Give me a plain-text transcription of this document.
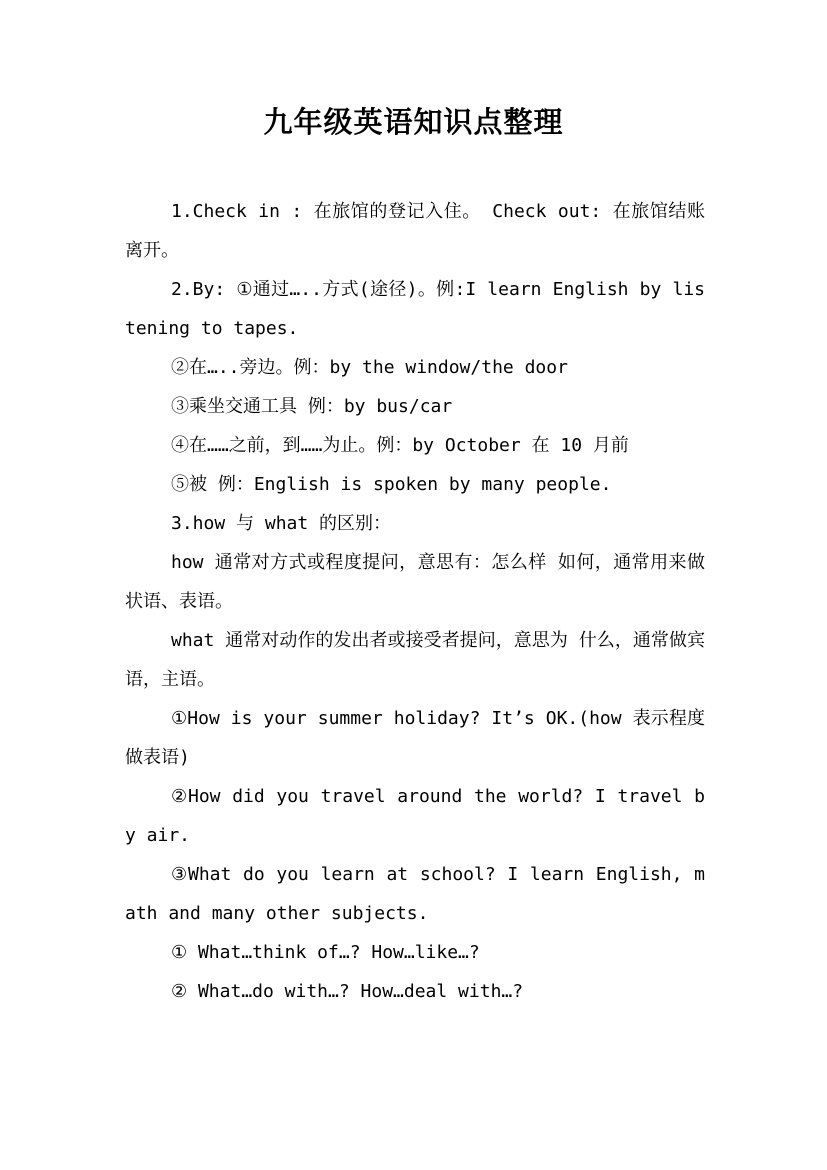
九年级英语知识点整理

1.Check in : 在旅馆的登记入住。 Check out: 在旅馆结账离开。

2.By: ①通过…..方式(途径)。例:I learn English by listening to tapes.

②在…..旁边。例：by the window/the door

③乘坐交通工具 例：by bus/car

④在……之前，到……为止。例：by October 在 10 月前

⑤被 例：English is spoken by many people.

3.how 与 what 的区别：

how 通常对方式或程度提问，意思有：怎么样 如何，通常用来做状语、表语。

what 通常对动作的发出者或接受者提问，意思为 什么，通常做宾语，主语。

①How is your summer holiday? It’s OK.(how 表示程度 做表语)

②How did you travel around the world? I travel by air.

③What do you learn at school? I learn English, math and many other subjects.

① What…think of…? How…like…?

② What…do with…? How…deal with…?
